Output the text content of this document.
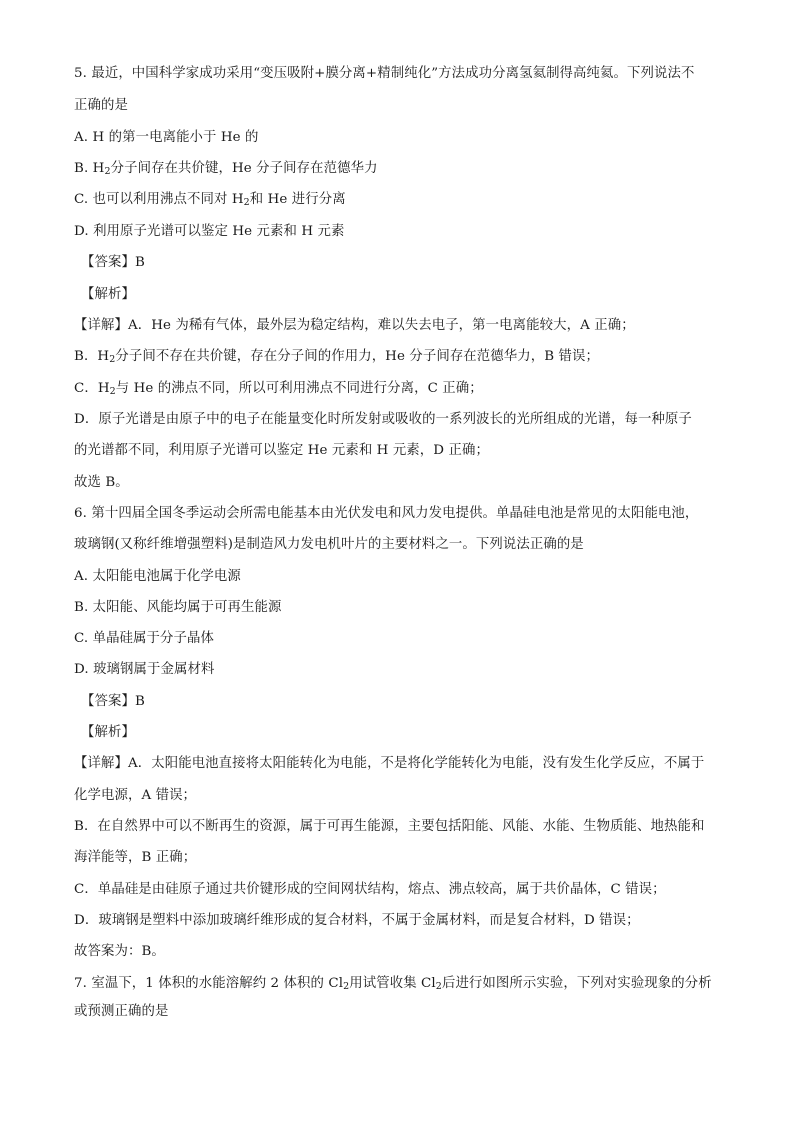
5. 最近，中国科学家成功采用“变压吸附+膜分离+精制纯化”方法成功分离氢氦制得高纯氦。下列说法不
正确的是
A. H 的第一电离能小于 He 的
B. $H_2$分子间存在共价键，He 分子间存在范德华力
C. 也可以利用沸点不同对 $H_2$和 He 进行分离
D. 利用原子光谱可以鉴定 He 元素和 H 元素
【答案】B
【解析】
【详解】A．He 为稀有气体，最外层为稳定结构，难以失去电子，第一电离能较大，A 正确；
B．$H_2$分子间不存在共价键，存在分子间的作用力，He 分子间存在范德华力，B 错误；
C．$H_2$与 He 的沸点不同，所以可利用沸点不同进行分离，C 正确；
D．原子光谱是由原子中的电子在能量变化时所发射或吸收的一系列波长的光所组成的光谱，每一种原子
的光谱都不同，利用原子光谱可以鉴定 He 元素和 H 元素，D 正确；
故选 B。
6. 第十四届全国冬季运动会所需电能基本由光伏发电和风力发电提供。单晶硅电池是常见的太阳能电池，
玻璃钢(又称纤维增强塑料)是制造风力发电机叶片的主要材料之一。下列说法正确的是
A. 太阳能电池属于化学电源
B. 太阳能、风能均属于可再生能源
C. 单晶硅属于分子晶体
D. 玻璃钢属于金属材料
【答案】B
【解析】
【详解】A．太阳能电池直接将太阳能转化为电能，不是将化学能转化为电能，没有发生化学反应，不属于
化学电源，A 错误；
B．在自然界中可以不断再生的资源，属于可再生能源，主要包括阳能、风能、水能、生物质能、地热能和
海洋能等，B 正确；
C．单晶硅是由硅原子通过共价键形成的空间网状结构，熔点、沸点较高，属于共价晶体，C 错误；
D．玻璃钢是塑料中添加玻璃纤维形成的复合材料，不属于金属材料，而是复合材料，D 错误；
故答案为：B。
7. 室温下，1 体积的水能溶解约 2 体积的 $Cl_2$用试管收集 $Cl_2$后进行如图所示实验，下列对实验现象的分析
或预测正确的是
